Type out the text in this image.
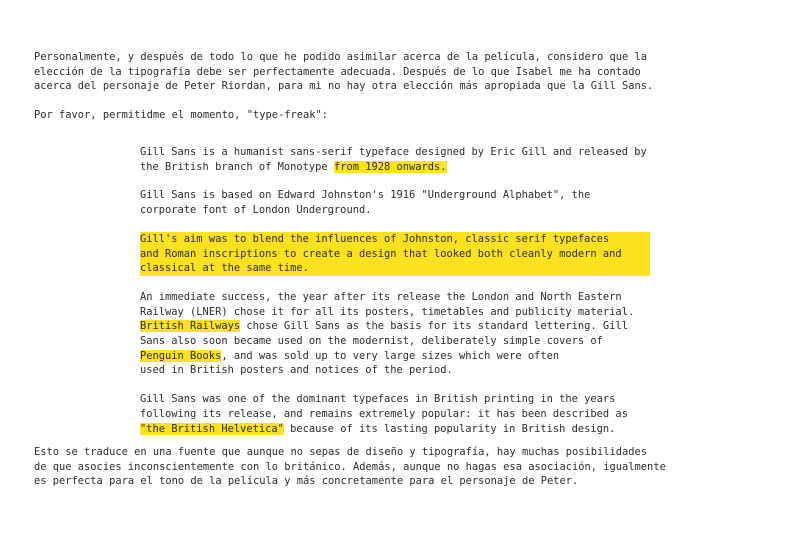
Personalmente, y después de todo lo que he podido asimilar acerca de la película, considero que la
elección de la tipografía debe ser perfectamente adecuada. Después de lo que Isabel me ha contado
acerca del personaje de Peter Riordan, para mi no hay otra elección más apropiada que la Gill Sans.

Por favor, permitidme el momento, "type-freak":

Gill Sans is a humanist sans-serif typeface designed by Eric Gill and released by
the British branch of Monotype from 1928 onwards.

Gill Sans is based on Edward Johnston's 1916 "Underground Alphabet", the
corporate font of London Underground.

Gill's aim was to blend the influences of Johnston, classic serif typefaces
and Roman inscriptions to create a design that looked both cleanly modern and
classical at the same time.

An immediate success, the year after its release the London and North Eastern
Railway (LNER) chose it for all its posters, timetables and publicity material.
British Railways chose Gill Sans as the basis for its standard lettering. Gill
Sans also soon became used on the modernist, deliberately simple covers of
Penguin Books, and was sold up to very large sizes which were often
used in British posters and notices of the period.

Gill Sans was one of the dominant typefaces in British printing in the years
following its release, and remains extremely popular: it has been described as
"the British Helvetica" because of its lasting popularity in British design.

Esto se traduce en una fuente que aunque no sepas de diseño y tipografía, hay muchas posibilidades
de que asocies inconscientemente con lo británico. Además, aunque no hagas esa asociación, igualmente
es perfecta para el tono de la película y más concretamente para el personaje de Peter.
